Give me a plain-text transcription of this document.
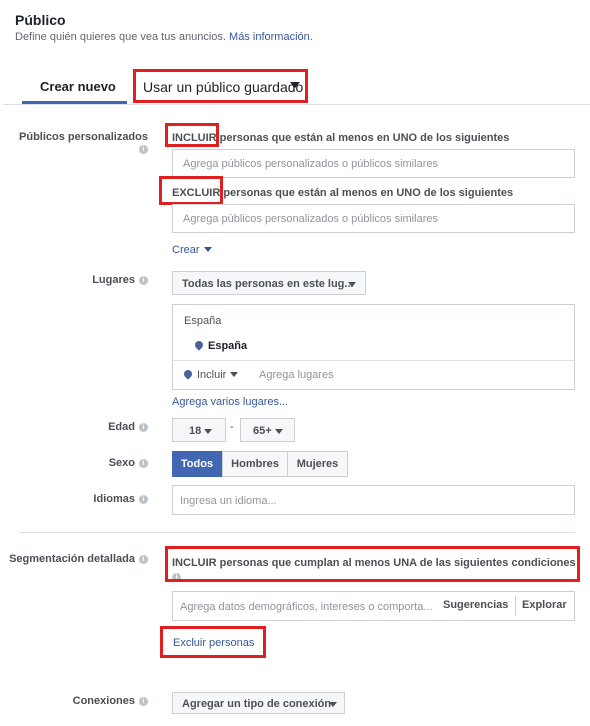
Público
Define quién quieres que vea tus anuncios. Más información.
Crear nuevo Usar un público guardado
Públicos personalizadosi
INCLUIR personas que están al menos en UNO de los siguientes
Agrega públicos personalizados o públicos similares
EXCLUIR personas que están al menos en UNO de los siguientes
Agrega públicos personalizados o públicos similares
Crear
Lugares i	Todas las personas en este lug...
España
España
Incluir	Agrega lugares
Agrega varios lugares...
Edad i	18	- 65+
Sexo i	Todos	Hombres	Mujeres
Idiomas i	Ingresa un idioma...
Segmentación detallada i	INCLUIR personas que cumplan al menos UNA de las siguientes condiciones
i
Agrega datos demográficos, intereses o comporta... Sugerencias Explorar
Excluir personas
Conexiones i	Agregar un tipo de conexión
